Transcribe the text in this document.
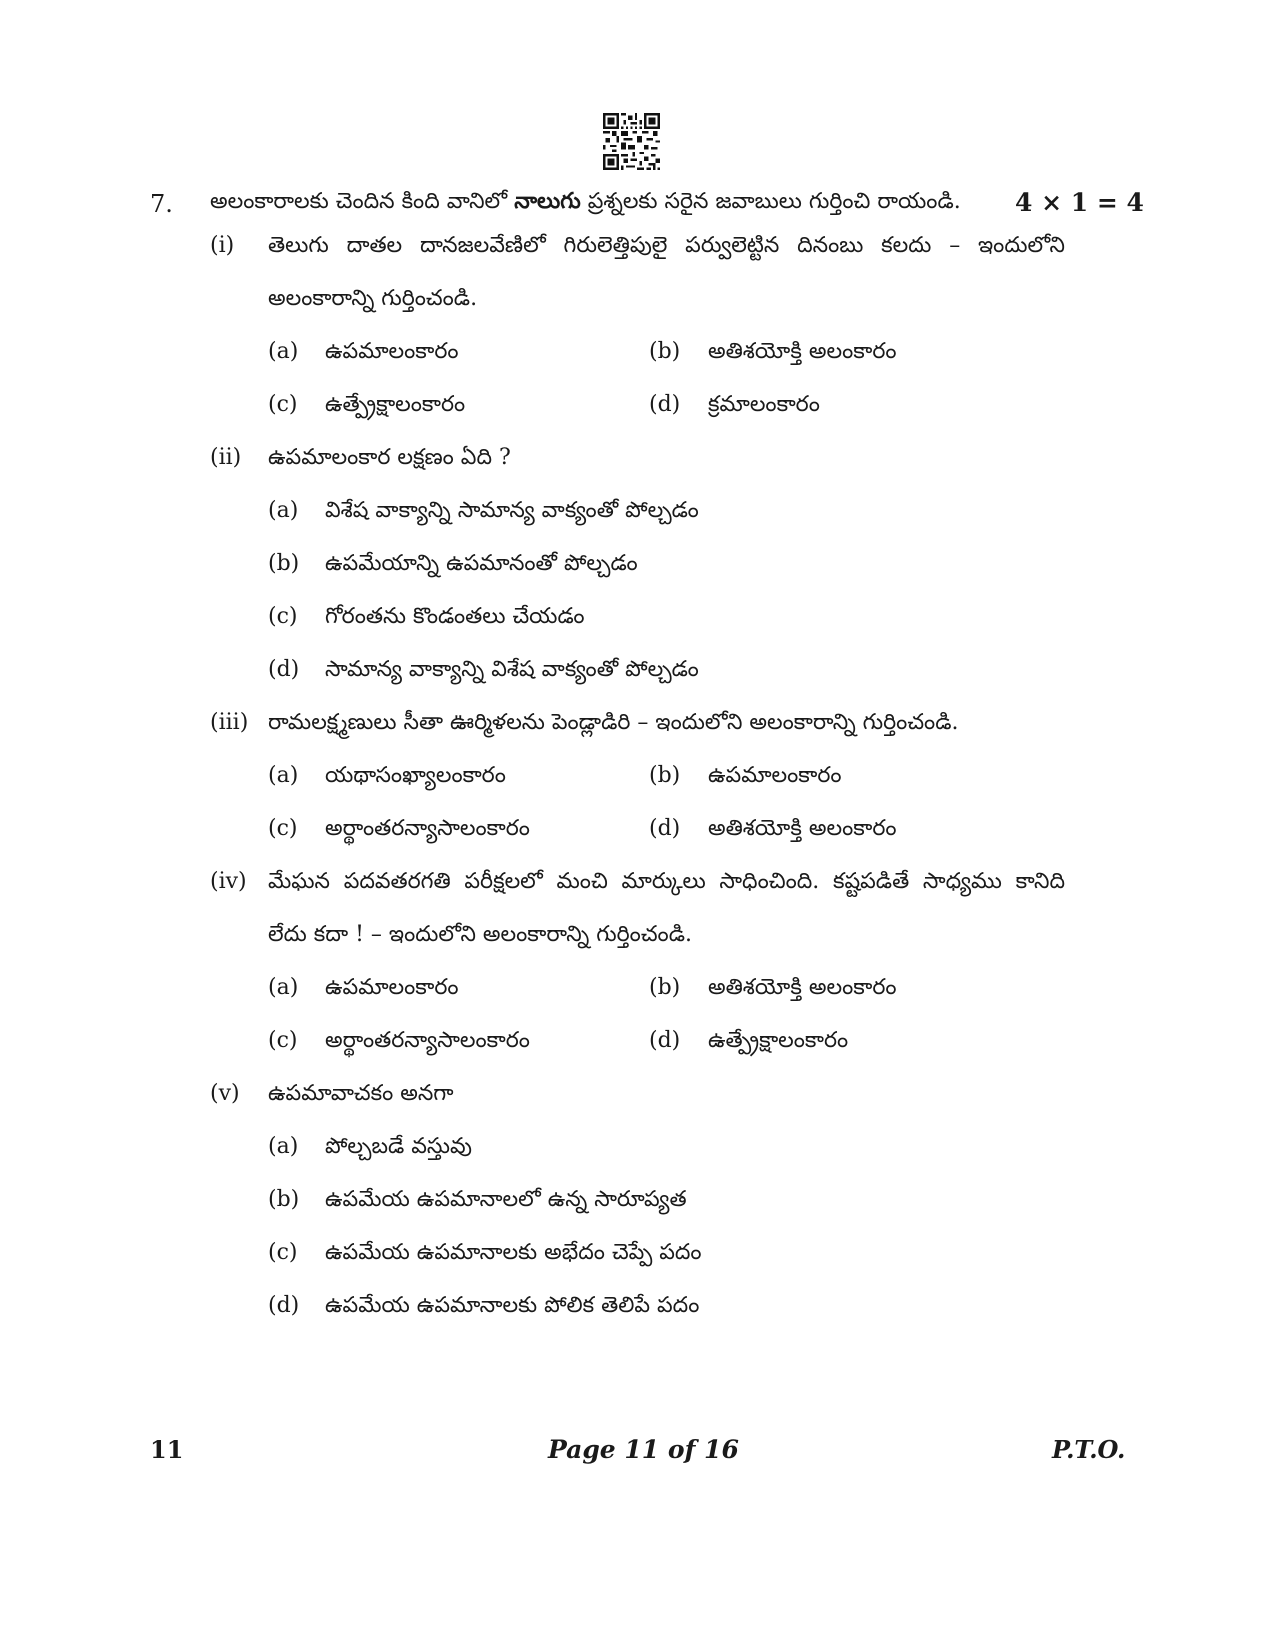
7. అలంకారాలకు చెందిన కింది వానిలో నాలుగు ప్రశ్నలకు సరైన జవాబులు గుర్తించి రాయండి. 4 × 1 = 4
(i) తెలుగు దాతల దానజలవేణిలో గిరులెత్తిపులై పర్వులెట్టిన దినంబు కలదు – ఇందులోని
అలంకారాన్ని గుర్తించండి.
(a) ఉపమాలంకారం	(b) అతిశయోక్తి అలంకారం
(c) ఉత్ప్రేక్షాలంకారం	(d) క్రమాలంకారం
(ii) ఉపమాలంకార లక్షణం ఏది ?
(a) విశేష వాక్యాన్ని సామాన్య వాక్యంతో పోల్చడం
(b) ఉపమేయాన్ని ఉపమానంతో పోల్చడం
(c) గోరంతను కొండంతలు చేయడం
(d) సామాన్య వాక్యాన్ని విశేష వాక్యంతో పోల్చడం
(iii) రామలక్ష్మణులు సీతా ఊర్మిళలను పెండ్లాడిరి – ఇందులోని అలంకారాన్ని గుర్తించండి.
(a) యథాసంఖ్యాలంకారం	(b) ఉపమాలంకారం
(c) అర్థాంతరన్యాసాలంకారం	(d) అతిశయోక్తి అలంకారం
(iv) మేఘన పదవతరగతి పరీక్షలలో మంచి మార్కులు సాధించింది. కష్టపడితే సాధ్యము కానిది
లేదు కదా ! – ఇందులోని అలంకారాన్ని గుర్తించండి.
(a) ఉపమాలంకారం	(b) అతిశయోక్తి అలంకారం
(c) అర్థాంతరన్యాసాలంకారం	(d) ఉత్ప్రేక్షాలంకారం
(v) ఉపమావాచకం అనగా
(a) పోల్చబడే వస్తువు
(b) ఉపమేయ ఉపమానాలలో ఉన్న సారూప్యత
(c) ఉపమేయ ఉపమానాలకు అభేదం చెప్పే పదం
(d) ఉపమేయ ఉపమానాలకు పోలిక తెలిపే పదం
11	Page 11 of 16	P.T.O.
